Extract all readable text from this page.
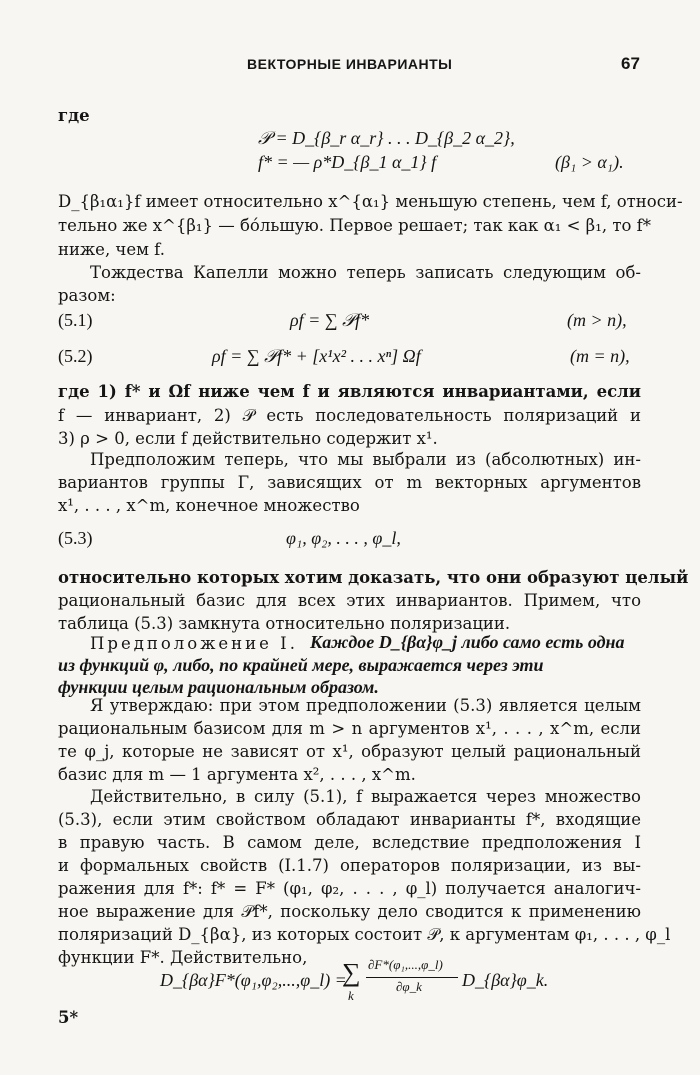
ВЕКТОРНЫЕ ИНВАРИАНТЫ	67
где
𝒫 = D_{β_r α_r} . . . D_{β_2 α_2},
f* = — ρ*D_{β_1 α_1} f	(β₁ > α₁).
D_{β₁α₁}f имеет относительно x^{α₁} меньшую степень, чем f, относи-
тельно же x^{β₁} — бо́льшую. Первое решает; так как α₁ < β₁, то f*
ниже, чем f.
Тождества Капелли можно теперь записать следующим об-
разом:
(5.1)	ρf = ∑ 𝒫f*	(m > n),
(5.2)	ρf = ∑ 𝒫f* + [x¹x² . . . xⁿ] Ωf	(m = n),
где 1) f* и Ωf ниже чем f и являются инвариантами, если
f — инвариант, 2) 𝒫 есть последовательность поляризаций и
3) ρ > 0, если f действительно содержит x¹.
Предположим теперь, что мы выбрали из (абсолютных) ин-
вариантов группы Γ, зависящих от m векторных аргументов
x¹, . . . , x^m, конечное множество
(5.3)	φ₁, φ₂, . . . , φ_l,
относительно которых хотим доказать, что они образуют целый
рациональный базис для всех этих инвариантов. Примем, что
таблица (5.3) замкнута относительно поляризации.
Предположение I. Каждое D_{βα}φ_j либо само есть одна
из функций φ, либо, по крайней мере, выражается через эти
функции целым рациональным образом.
Я утверждаю: при этом предположении (5.3) является целым
рациональным базисом для m > n аргументов x¹, . . . , x^m, если
те φ_j, которые не зависят от x¹, образуют целый рациональный
базис для m — 1 аргумента x², . . . , x^m.
Действительно, в силу (5.1), f выражается через множество
(5.3), если этим свойством обладают инварианты f*, входящие
в правую часть. В самом деле, вследствие предположения I
и формальных свойств (I.1.7) операторов поляризации, из вы-
ражения для f*: f* = F* (φ₁, φ₂, . . . , φ_l) получается аналогич-
ное выражение для 𝒫f*, поскольку дело сводится к применению
поляризаций D_{βα}, из которых состоит 𝒫, к аргументам φ₁, . . . , φ_l
функции F*. Действительно,
D_{βα}F*(φ₁,φ₂,...,φ_l) =
∑
k
∂F*(φ₁,...,φ_l)
∂φ_k D_{βα}φ_k.
5*
